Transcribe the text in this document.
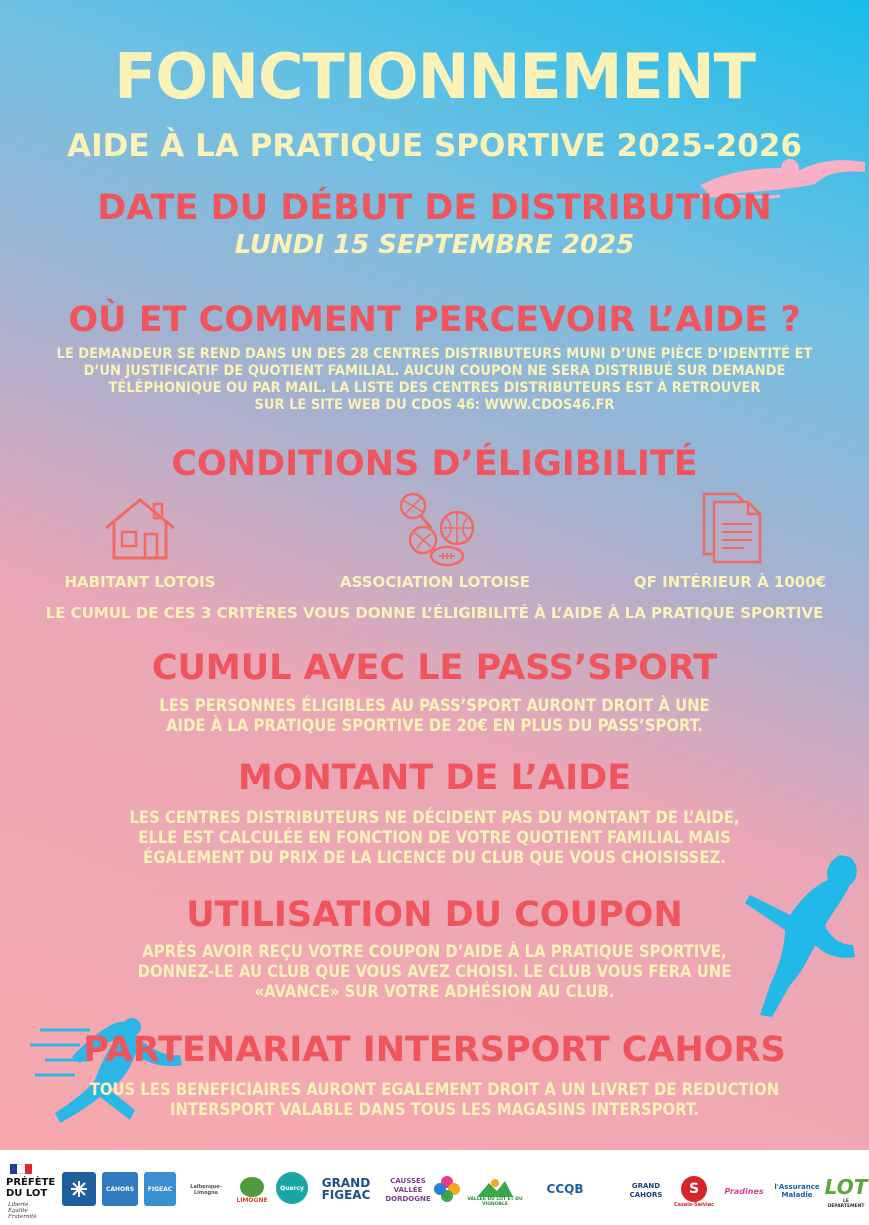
FONCTIONNEMENT
AIDE À LA PRATIQUE SPORTIVE 2025-2026
DATE DU DÉBUT DE DISTRIBUTION
LUNDI 15 SEPTEMBRE 2025
OÙ ET COMMENT PERCEVOIR L’AIDE ?
LE DEMANDEUR SE REND DANS UN DES 28 CENTRES DISTRIBUTEURS MUNI D’UNE PIÈCE D’IDENTITÉ ET
D’UN JUSTIFICATIF DE QUOTIENT FAMILIAL. AUCUN COUPON NE SERA DISTRIBUÉ SUR DEMANDE
TÉLÉPHONIQUE OU PAR MAIL. LA LISTE DES CENTRES DISTRIBUTEURS EST À RETROUVER
SUR LE SITE WEB DU CDOS 46: WWW.CDOS46.FR
CONDITIONS D’ÉLIGIBILITÉ
HABITANT LOTOIS	ASSOCIATION LOTOISE	QF INTÉRIEUR À 1000€
LE CUMUL DE CES 3 CRITÈRES VOUS DONNE L’ÉLIGIBILITÉ À L’AIDE À LA PRATIQUE SPORTIVE
CUMUL AVEC LE PASS’SPORT
LES PERSONNES ÉLIGIBLES AU PASS’SPORT AURONT DROIT À UNE
AIDE À LA PRATIQUE SPORTIVE DE 20€ EN PLUS DU PASS’SPORT.
MONTANT DE L’AIDE
LES CENTRES DISTRIBUTEURS NE DÉCIDENT PAS DU MONTANT DE L’AIDE,
ELLE EST CALCULÉE EN FONCTION DE VOTRE QUOTIENT FAMILIAL MAIS
ÉGALEMENT DU PRIX DE LA LICENCE DU CLUB QUE VOUS CHOISISSEZ.
UTILISATION DU COUPON
APRÈS AVOIR REÇU VOTRE COUPON D’AIDE À LA PRATIQUE SPORTIVE,
DONNEZ-LE AU CLUB QUE VOUS AVEZ CHOISI. LE CLUB VOUS FERA UNE
«AVANCE» SUR VOTRE ADHÉSION AU CLUB.
PARTENARIAT INTERSPORT CAHORS
TOUS LES BENEFICIAIRES AURONT EGALEMENT DROIT A UN LIVRET DE REDUCTION
INTERSPORT VALABLE DANS TOUS LES MAGASINS INTERSPORT.
PRÉFÈTE
DU LOT
Liberté
Égalité
Fraternité
CAHORS	FIGEAC	Lalbenque-Limogne
LIMOGNE
Quercy	GRAND FIGEAC
CAUSSES VALLÉE DORDOGNE	VALLEE DU LOT ET DU VIGNOBLE
CCQB	GRAND CAHORS	S
Cazals-Salviac
Pradines	l'Assurance Maladie LOT
LE DÉPARTEMENT
